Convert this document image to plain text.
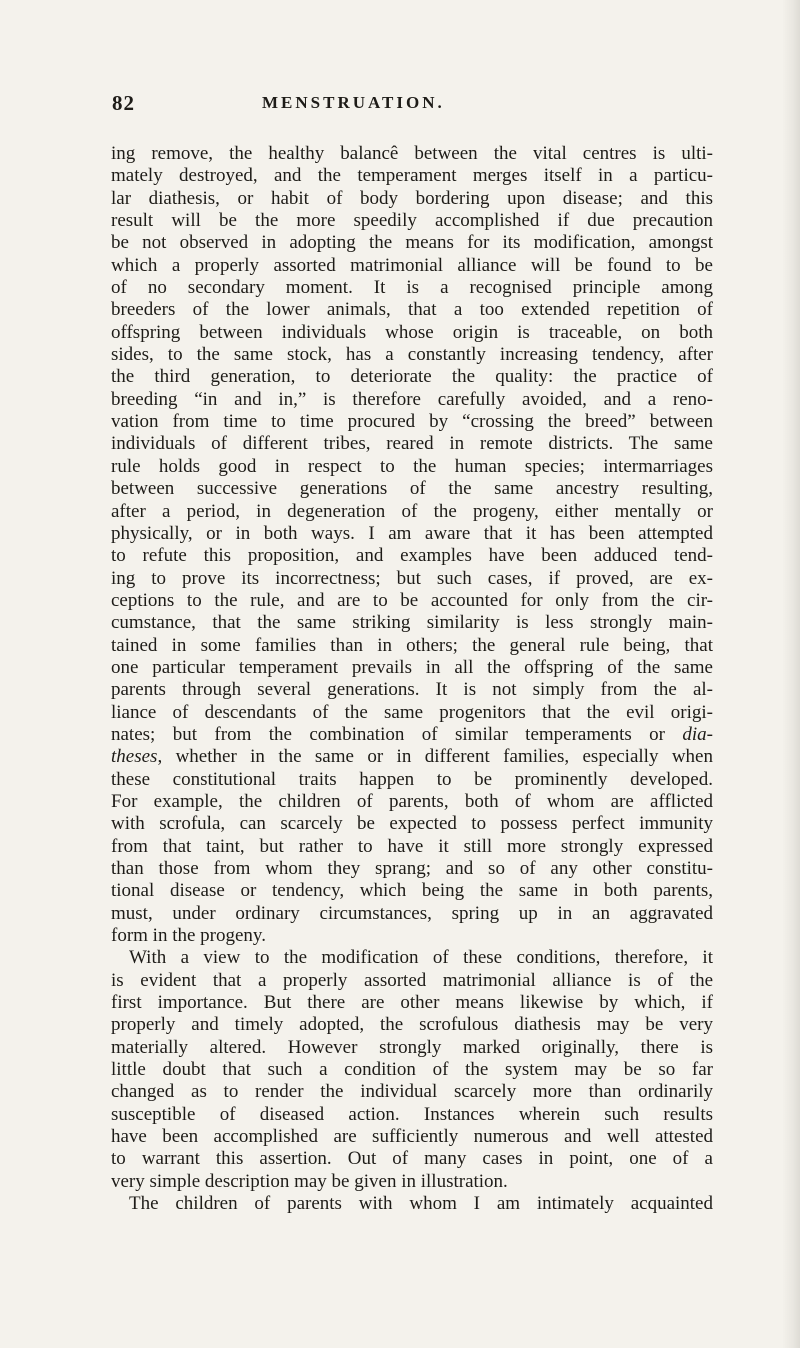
82	MENSTRUATION.
ing remove, the healthy balancê between the vital centres is ulti-
mately destroyed, and the temperament merges itself in a particu-
lar diathesis, or habit of body bordering upon disease; and this
result will be the more speedily accomplished if due precaution
be not observed in adopting the means for its modification, amongst
which a properly assorted matrimonial alliance will be found to be
of no secondary moment. It is a recognised principle among
breeders of the lower animals, that a too extended repetition of
offspring between individuals whose origin is traceable, on both
sides, to the same stock, has a constantly increasing tendency, after
the third generation, to deteriorate the quality: the practice of
breeding “in and in,” is therefore carefully avoided, and a reno-
vation from time to time procured by “crossing the breed” between
individuals of different tribes, reared in remote districts. The same
rule holds good in respect to the human species; intermarriages
between successive generations of the same ancestry resulting,
after a period, in degeneration of the progeny, either mentally or
physically, or in both ways. I am aware that it has been attempted
to refute this proposition, and examples have been adduced tend-
ing to prove its incorrectness; but such cases, if proved, are ex-
ceptions to the rule, and are to be accounted for only from the cir-
cumstance, that the same striking similarity is less strongly main-
tained in some families than in others; the general rule being, that
one particular temperament prevails in all the offspring of the same
parents through several generations. It is not simply from the al-
liance of descendants of the same progenitors that the evil origi-
nates; but from the combination of similar temperaments or dia-
theses, whether in the same or in different families, especially when
these constitutional traits happen to be prominently developed.
For example, the children of parents, both of whom are afflicted
with scrofula, can scarcely be expected to possess perfect immunity
from that taint, but rather to have it still more strongly expressed
than those from whom they sprang; and so of any other constitu-
tional disease or tendency, which being the same in both parents,
must, under ordinary circumstances, spring up in an aggravated
form in the progeny.
With a view to the modification of these conditions, therefore, it
is evident that a properly assorted matrimonial alliance is of the
first importance. But there are other means likewise by which, if
properly and timely adopted, the scrofulous diathesis may be very
materially altered. However strongly marked originally, there is
little doubt that such a condition of the system may be so far
changed as to render the individual scarcely more than ordinarily
susceptible of diseased action. Instances wherein such results
have been accomplished are sufficiently numerous and well attested
to warrant this assertion. Out of many cases in point, one of a
very simple description may be given in illustration.
The children of parents with whom I am intimately acquainted
